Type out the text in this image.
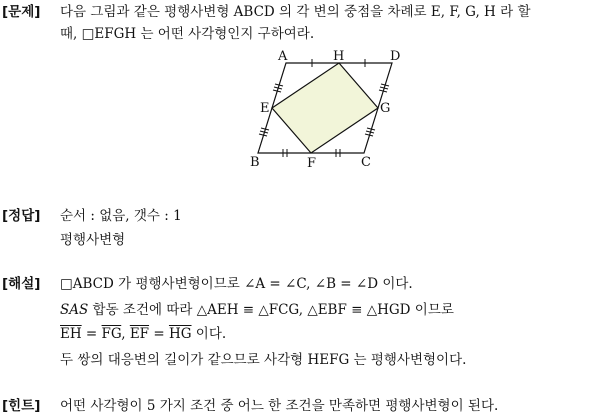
[문제] 다음 그림과 같은 평행사변형 ABCD 의 각 변의 중점을 차례로 E, F, G, H 라 할
때, □EFGH 는 어떤 사각형인지 구하여라.
A	H	D
E	G
B	F	C
[정답] 순서 : 없음, 갯수 : 1
평행사변형
[해설] □ABCD 가 평행사변형이므로 ∠A = ∠C, ∠B = ∠D 이다.
SAS 합동 조건에 따라 △AEH ≡ △FCG, △EBF ≡ △HGD 이므로
$\overline{EH} = \overline{FG}$, $\overline{EF} = \overline{HG}$ 이다.
두 쌍의 대응변의 길이가 같으므로 사각형 HEFG 는 평행사변형이다.
[힌트] 어떤 사각형이 5 가지 조건 중 어느 한 조건을 만족하면 평행사변형이 된다.
